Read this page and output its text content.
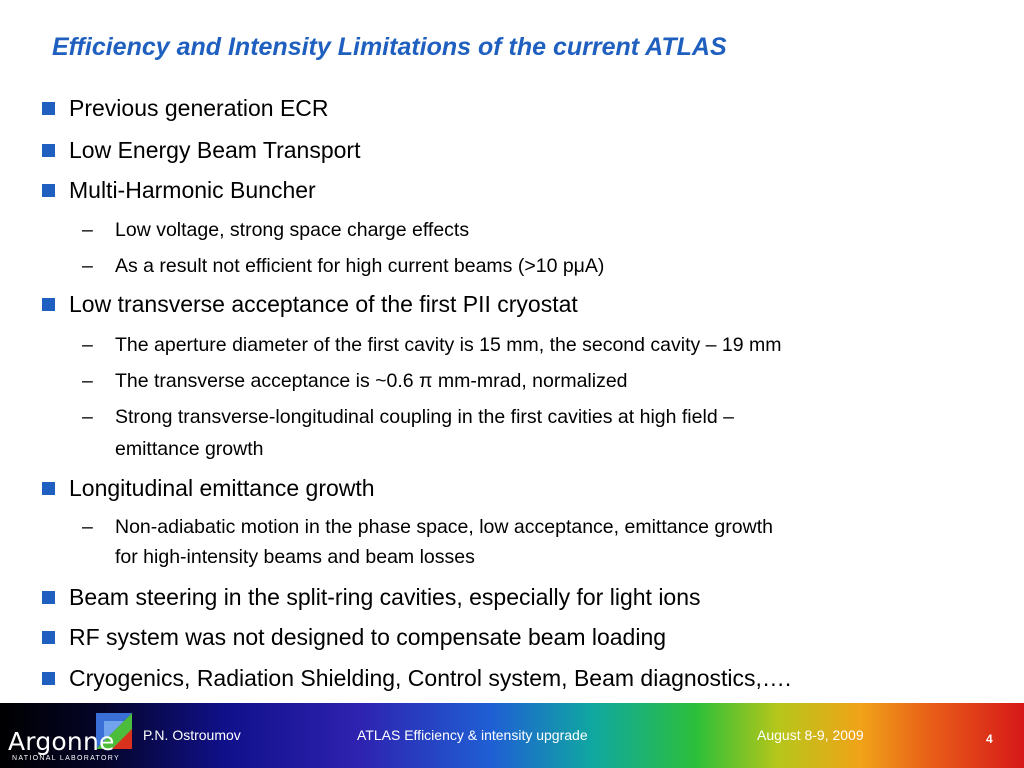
Efficiency and Intensity Limitations of the current ATLAS
Previous generation ECR
Low Energy Beam Transport
Multi-Harmonic Buncher
– Low voltage, strong space charge effects
– As a result not efficient for high current beams (>10 pμA)
Low transverse acceptance of the first PII cryostat
– The aperture diameter of the first cavity is 15 mm, the second cavity – 19 mm
– The transverse acceptance is ~0.6 π mm-mrad, normalized
– Strong transverse-longitudinal coupling in the first cavities at high field –
emittance growth
Longitudinal emittance growth
– Non-adiabatic motion in the phase space, low acceptance, emittance growth
for high-intensity beams and beam losses
Beam steering in the split-ring cavities, especially for light ions
RF system was not designed to compensate beam loading
Cryogenics, Radiation Shielding, Control system, Beam diagnostics,….
Argonne
NATIONAL LABORATORY
P.N. Ostroumov	ATLAS Efficiency & intensity upgrade	August 8-9, 2009	4
